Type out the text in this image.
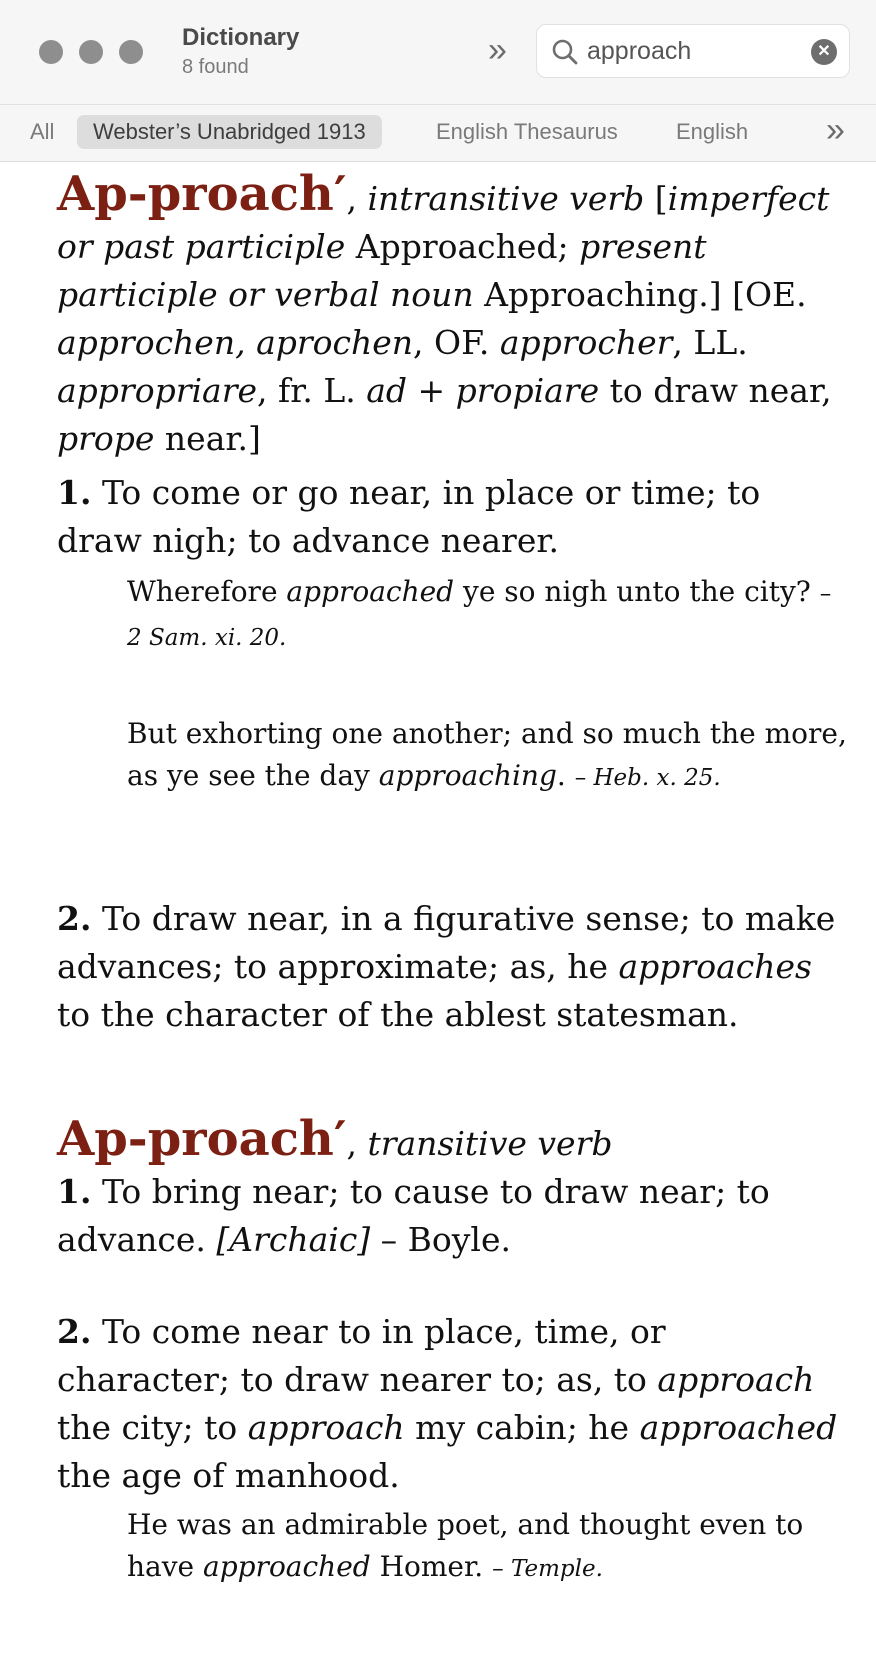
Dictionary
8 found	»
approach	✕
All	Webster’s Unabridged 1913	English Thesaurus	English »

Ap-proach′, intransitive verb [imperfect or past participle Approached; present participle or verbal noun Approaching.] [OE. approchen, aprochen, OF. approcher, LL. appropriare, fr. L. ad + propiare to draw near, prope near.]

1. To come or go near, in place or time; to draw nigh; to advance nearer.

Wherefore approached ye so nigh unto the city? – 2 Sam. xi. 20.

But exhorting one another; and so much the more, as ye see the day approaching. – Heb. x. 25.

2. To draw near, in a figurative sense; to make advances; to approximate; as, he approaches to the character of the ablest statesman.

Ap-proach′, transitive verb

1. To bring near; to cause to draw near; to advance. [Archaic] – Boyle.

2. To come near to in place, time, or character; to draw nearer to; as, to approach the city; to approach my cabin; he approached the age of manhood.

He was an admirable poet, and thought even to have approached Homer. – Temple.
